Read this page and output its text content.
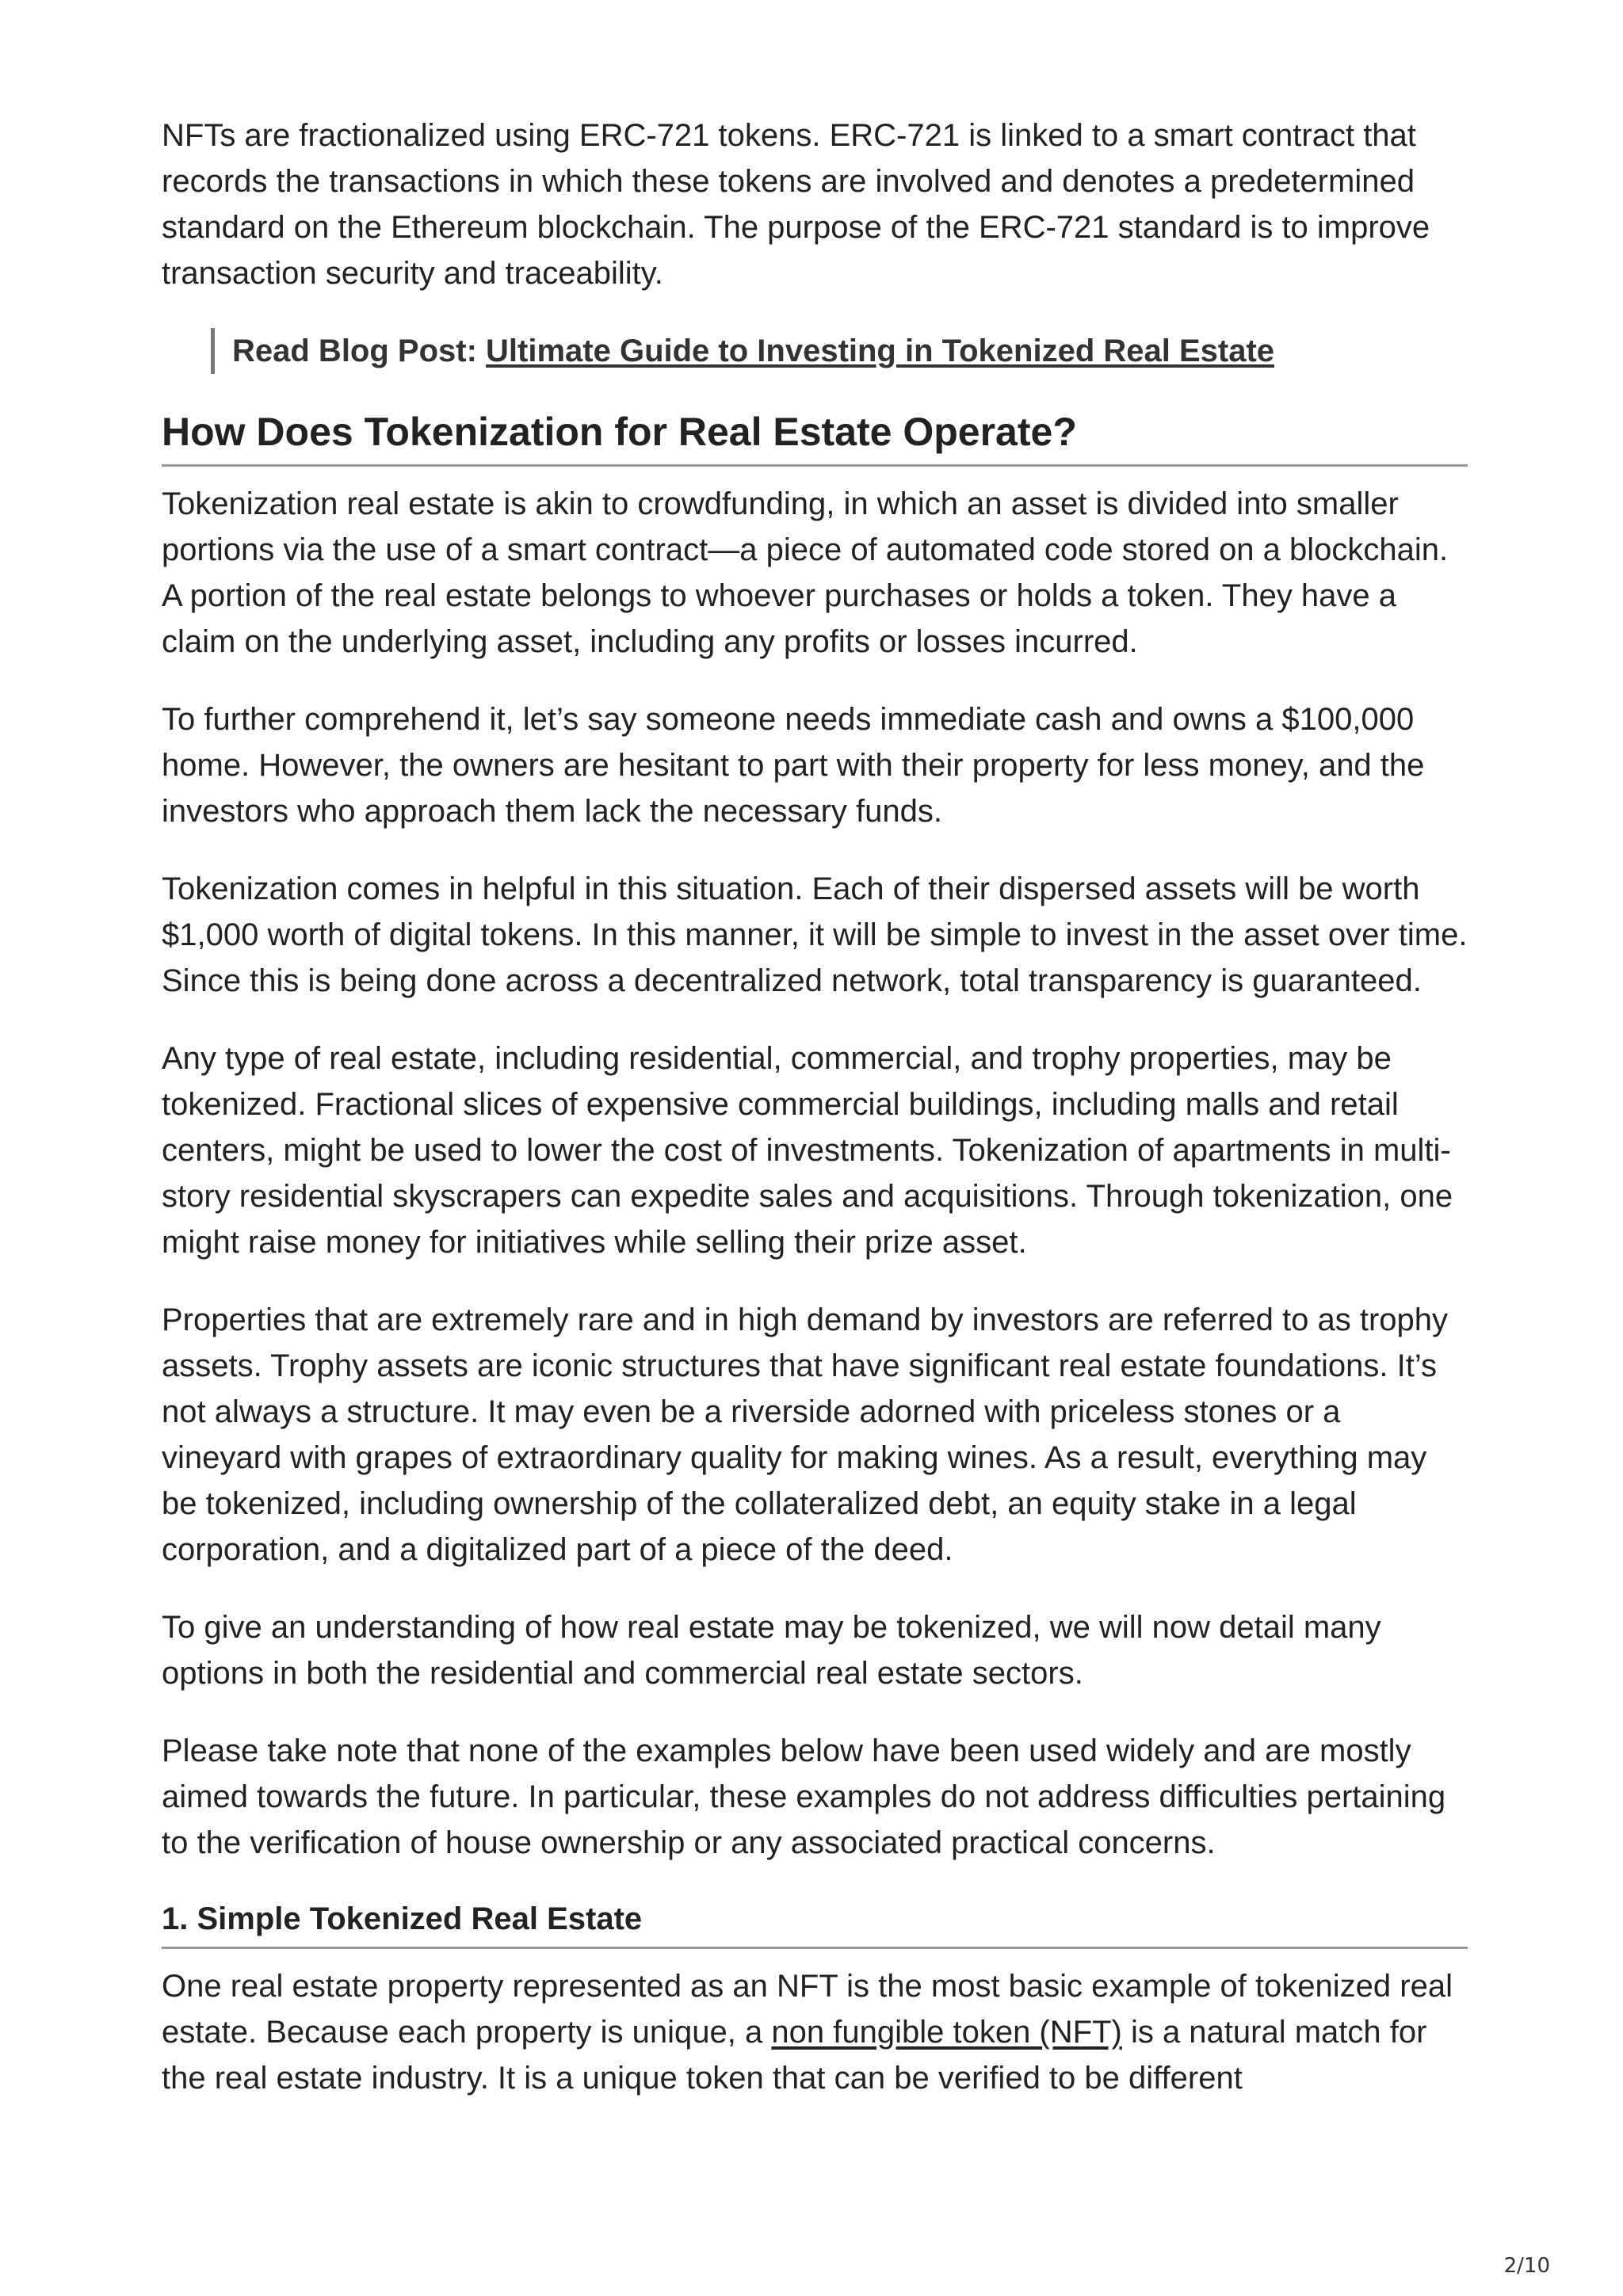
NFTs are fractionalized using ERC-721 tokens. ERC-721 is linked to a smart contract that records the transactions in which these tokens are involved and denotes a predetermined standard on the Ethereum blockchain. The purpose of the ERC-721 standard is to improve transaction security and traceability.

Read Blog Post: Ultimate Guide to Investing in Tokenized Real Estate
How Does Tokenization for Real Estate Operate?

Tokenization real estate is akin to crowdfunding, in which an asset is divided into smaller portions via the use of a smart contract—a piece of automated code stored on a blockchain. A portion of the real estate belongs to whoever purchases or holds a token. They have a claim on the underlying asset, including any profits or losses incurred.

To further comprehend it, let’s say someone needs immediate cash and owns a $100,000 home. However, the owners are hesitant to part with their property for less money, and the investors who approach them lack the necessary funds.

Tokenization comes in helpful in this situation. Each of their dispersed assets will be worth $1,000 worth of digital tokens. In this manner, it will be simple to invest in the asset over time. Since this is being done across a decentralized network, total transparency is guaranteed.

Any type of real estate, including residential, commercial, and trophy properties, may be tokenized. Fractional slices of expensive commercial buildings, including malls and retail centers, might be used to lower the cost of investments. Tokenization of apartments in multi-story residential skyscrapers can expedite sales and acquisitions. Through tokenization, one might raise money for initiatives while selling their prize asset.

Properties that are extremely rare and in high demand by investors are referred to as trophy assets. Trophy assets are iconic structures that have significant real estate foundations. It’s not always a structure. It may even be a riverside adorned with priceless stones or a vineyard with grapes of extraordinary quality for making wines. As a result, everything may be tokenized, including ownership of the collateralized debt, an equity stake in a legal corporation, and a digitalized part of a piece of the deed.

To give an understanding of how real estate may be tokenized, we will now detail many options in both the residential and commercial real estate sectors.

Please take note that none of the examples below have been used widely and are mostly aimed towards the future. In particular, these examples do not address difficulties pertaining to the verification of house ownership or any associated practical concerns.

1. Simple Tokenized Real Estate

One real estate property represented as an NFT is the most basic example of tokenized real estate. Because each property is unique, a non fungible token (NFT) is a natural match for the real estate industry. It is a unique token that can be verified to be different

2/10
